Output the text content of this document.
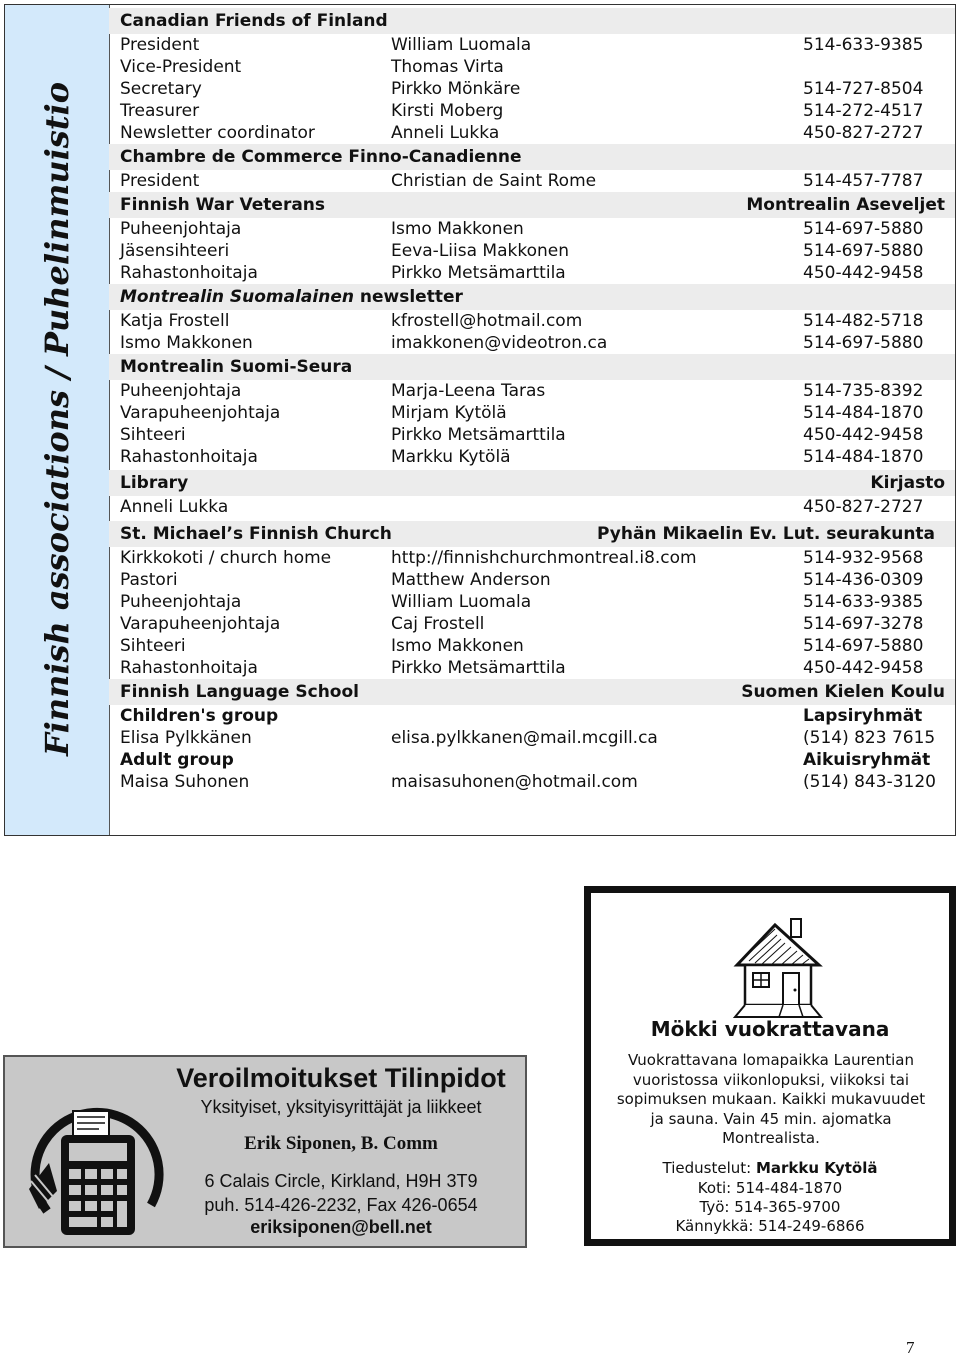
Finnish associations / Puhelinmuistio
Canadian Friends of Finland
President	William Luomala	514-633-9385
Vice-President	Thomas Virta
Secretary	Pirkko Mönkäre	514-727-8504
Treasurer	Kirsti Moberg	514-272-4517
Newsletter coordinator	Anneli Lukka	450-827-2727
Chambre de Commerce Finno-Canadienne
President	Christian de Saint Rome	514-457-7787
Finnish War Veterans	Montrealin Aseveljet
Puheenjohtaja	Ismo Makkonen	514-697-5880
Jäsensihteeri	Eeva-Liisa Makkonen	514-697-5880
Rahastonhoitaja	Pirkko Metsämarttila	450-442-9458
Montrealin Suomalainen newsletter
Katja Frostell	kfrostell@hotmail.com	514-482-5718
Ismo Makkonen	imakkonen@videotron.ca	514-697-5880
Montrealin Suomi-Seura
Puheenjohtaja	Marja-Leena Taras	514-735-8392
Varapuheenjohtaja	Mirjam Kytölä	514-484-1870
Sihteeri	Pirkko Metsämarttila	450-442-9458
Rahastonhoitaja	Markku Kytölä	514-484-1870
Library	Kirjasto
Anneli Lukka	450-827-2727
St. Michael’s Finnish Church	Pyhän Mikaelin Ev. Lut. seurakunta
Kirkkokoti / church home	http://finnishchurchmontreal.i8.com	514-932-9568
Pastori	Matthew Anderson	514-436-0309
Puheenjohtaja	William Luomala	514-633-9385
Varapuheenjohtaja	Caj Frostell	514-697-3278
Sihteeri	Ismo Makkonen	514-697-5880
Rahastonhoitaja	Pirkko Metsämarttila	450-442-9458
Finnish Language School	Suomen Kielen Koulu
Children's group	Lapsiryhmät
Elisa Pylkkänen	elisa.pylkkanen@mail.mcgill.ca	(514) 823 7615
Adult group	Aikuisryhmät
Maisa Suhonen	maisasuhonen@hotmail.com	(514) 843-3120
Veroilmoitukset Tilinpidot
Yksityiset, yksityisyrittäjät ja liikkeet
Erik Siponen, B. Comm
6 Calais Circle, Kirkland, H9H 3T9
puh. 514-426-2232, Fax 426-0654
eriksiponen@bell.net
Mökki vuokrattavana
Vuokrattavana lomapaikka Laurentian vuoristossa viikonlopuksi, viikoksi tai sopimuksen mukaan. Kaikki mukavuudet ja sauna. Vain 45 min. ajomatka Montrealista.
Tiedustelut: Markku Kytölä
Koti: 514-484-1870
Työ: 514-365-9700
Kännykkä: 514-249-6866
7
